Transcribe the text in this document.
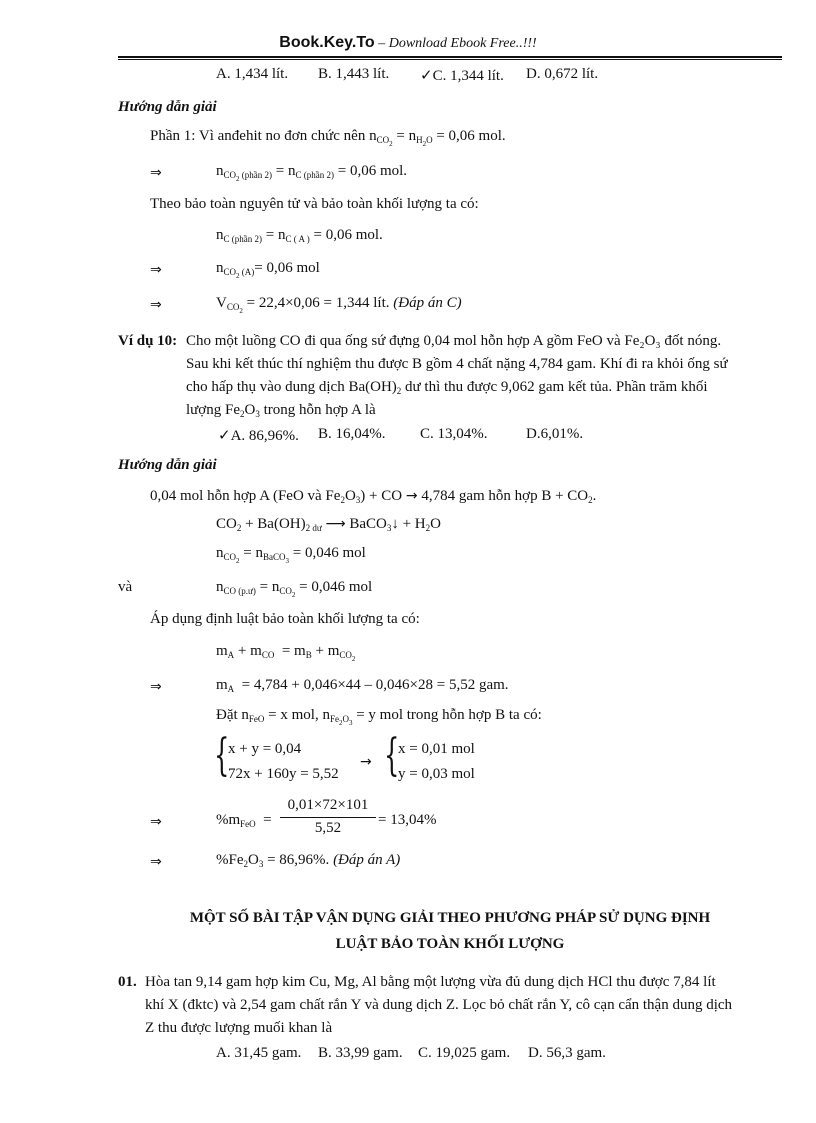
Book.Key.To – Download Ebook Free..!!!
A. 1,434 lít. B. 1,443 lít. ✓C. 1,344 lít. D. 0,672 lít.
Hướng dẫn giải
Phần 1: Vì anđehit no đơn chức nên $n_{CO_2} = n_{H_2O} = 0,06$ mol.
⇒	$n_{CO_2 (phần 2)} = n_{C (phần 2)} = 0,06$ mol.
Theo bảo toàn nguyên tử và bảo toàn khối lượng ta có:
$n_{C (phần 2)} = n_{C ( A )} = 0,06$ mol.
⇒	$n_{CO_2 (A)}= 0,06$ mol
⇒	$V_{CO_2} = 22,4\times 0,06 = 1,344$ lít. (Đáp án C)
Ví dụ 10: Cho một luồng CO đi qua ống sứ đựng 0,04 mol hỗn hợp A gồm FeO và Fe₂O₃ đốt nóng.
Sau khi kết thúc thí nghiệm thu được B gồm 4 chất nặng 4,784 gam. Khí đi ra khỏi ống sứ
cho hấp thụ vào dung dịch $Ba(OH)_2$ dư thì thu được 9,062 gam kết tủa. Phần trăm khối
lượng $Fe_2O_3$ trong hỗn hợp A là
✓A. 86,96%. B. 16,04%. C. 13,04%.	D.6,01%.
Hướng dẫn giải
0,04 mol hỗn hợp A (FeO và $Fe_2O_3$) + CO → 4,784 gam hỗn hợp $B + CO_2$.
$CO_2 + Ba(OH)_{2 dư}$ ⟶ BaCO$_3$↓ + $H_2O$
$n_{CO_2} = n_{BaCO_3} = 0,046$ mol
và	$n_{CO (p.ư)} = n_{CO_2} = 0,046$ mol
Áp dụng định luật bảo toàn khối lượng ta có:
$m_A + m_{CO} = m_B + m_{CO_2}$
⇒	$m_A = 4,784 + 0,046\times 44 - 0,046\times 28 = 5,52$ gam.
Đặt $n_{FeO} = x$ mol, $n_{Fe_2O_3} = y$ mol trong hỗn hợp B ta có:
{
x + y = 0,04
72x + 160y = 5,52
→ {
x = 0,01 mol
y = 0,03 mol
⇒	$\%m_{FeO}$  =
0,01×72×101
5,52	= 13,04%
⇒	$\%Fe_2O_3 = 86,96\%$. (Đáp án A)
MỘT SỐ BÀI TẬP VẬN DỤNG GIẢI THEO PHƯƠNG PHÁP SỬ DỤNG ĐỊNH
LUẬT BẢO TOÀN KHỐI LƯỢNG
01. Hòa tan 9,14 gam hợp kim Cu, Mg, Al bằng một lượng vừa đủ dung dịch HCl thu được 7,84 lít
khí X (đktc) và 2,54 gam chất rắn Y và dung dịch Z. Lọc bỏ chất rắn Y, cô cạn cẩn thận dung dịch
Z thu được lượng muối khan là
A. 31,45 gam. B. 33,99 gam. C. 19,025 gam. D. 56,3 gam.
